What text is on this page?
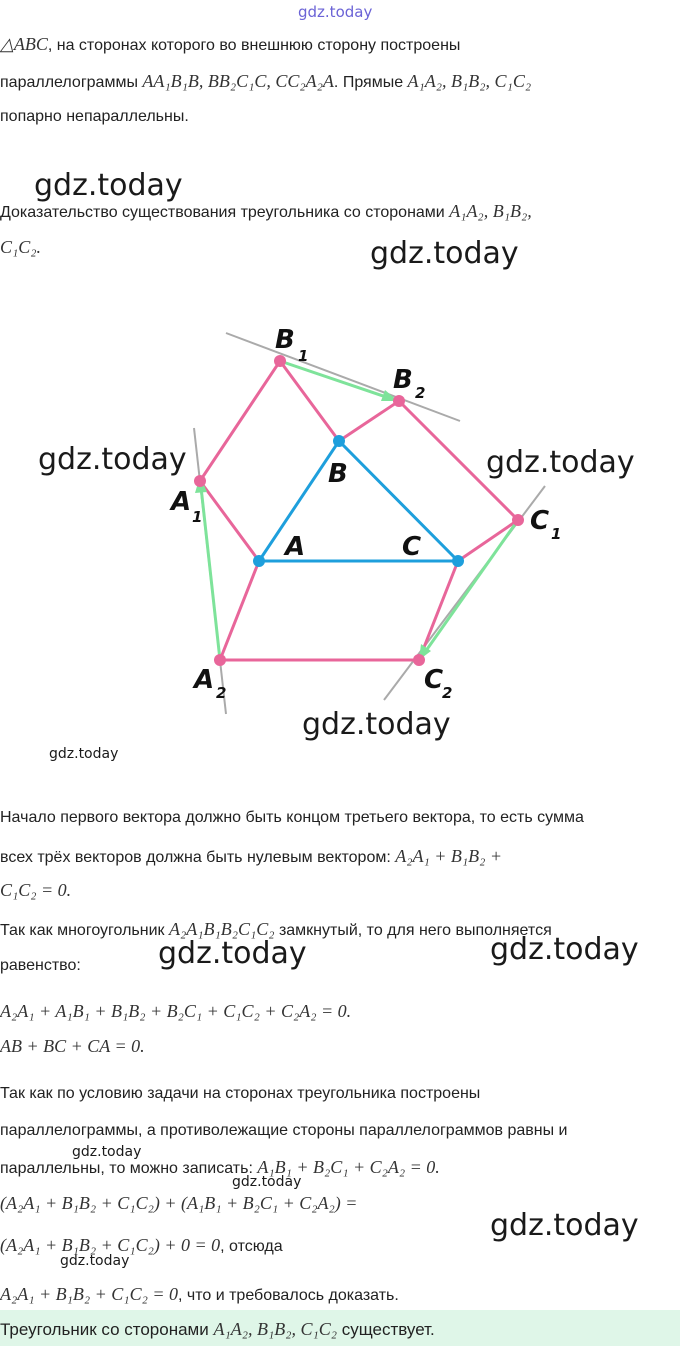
gdz.today
gdz.today
gdz.today
gdz.today	gdz.today
gdz.today
gdz.today
gdz.today	gdz.today
gdz.today
gdz.today
gdz.today
gdz.today
△ABC, на сторонах которого во внешнюю сторону построены
параллелограммы AA₁B₁B, BB₂C₁C, CC₂A₂A. Прямые A₁A₂, B₁B₂, C₁C₂
попарно непараллельны.
Доказательство существования треугольника со сторонами A₁A₂, B₁B₂,
C₁C₂.
A
B
C
A 1
A 2
B
1
B 2
C 1
C
2
Начало первого вектора должно быть концом третьего вектора, то есть сумма
всех трёх векторов должна быть нулевым вектором: A₂A₁ + B₁B₂ +
C₁C₂ = 0.
Так как многоугольник A₂A₁B₁B₂C₁C₂ замкнутый, то для него выполняется
равенство:
A₂A₁ + A₁B₁ + B₁B₂ + B₂C₁ + C₁C₂ + C₂A₂ = 0.
AB + BC + CA = 0.
Так как по условию задачи на сторонах треугольника построены
параллелограммы, а противолежащие стороны параллелограммов равны и
параллельны, то можно записать: A₁B₁ + B₂C₁ + C₂A₂ = 0.
(A₂A₁ + B₁B₂ + C₁C₂) + (A₁B₁ + B₂C₁ + C₂A₂) =
(A₂A₁ + B₁B₂ + C₁C₂) + 0 = 0, отсюда
A₂A₁ + B₁B₂ + C₁C₂ = 0, что и требовалось доказать.
Треугольник со сторонами A₁A₂, B₁B₂, C₁C₂ существует.
